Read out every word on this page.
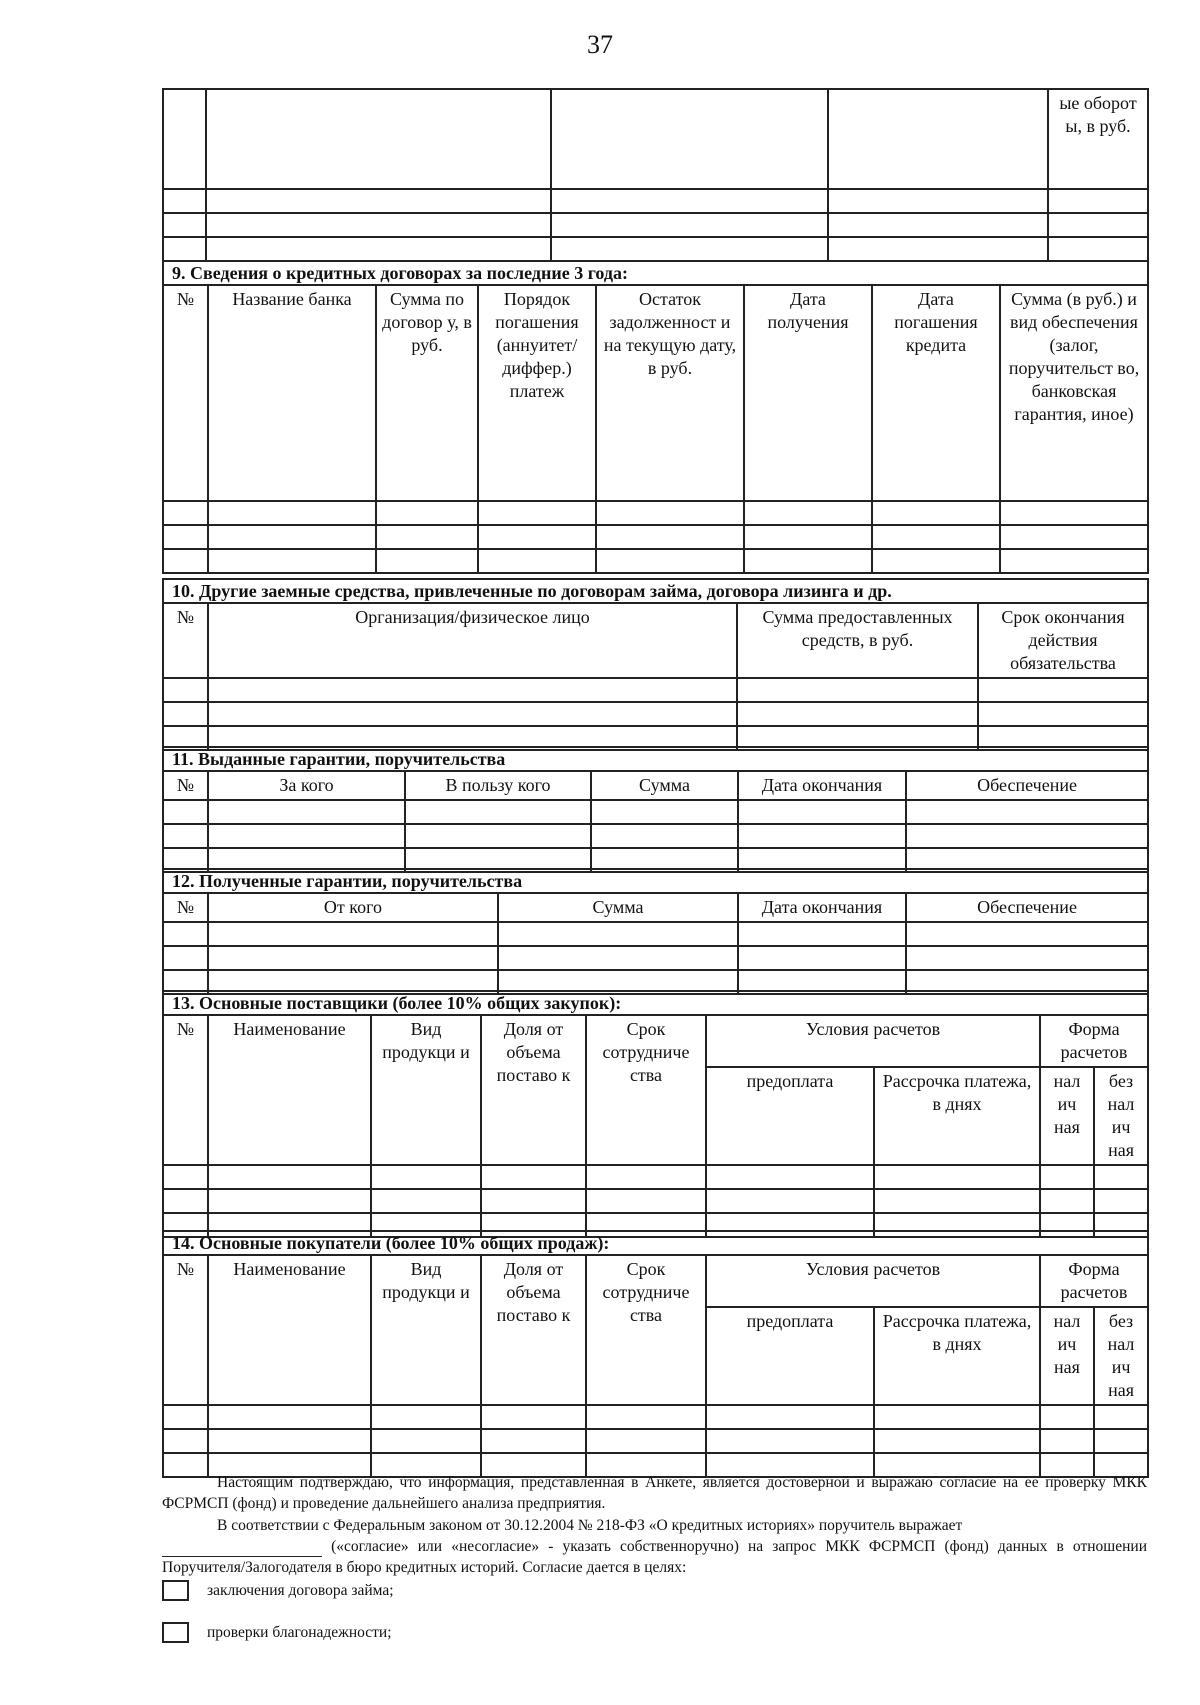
37
				ые оборот ы, в руб.

9. Сведения о кредитных договорах за последние 3 года:							
№	Название банка	Сумма по договор у, в руб.	Порядок погашения (аннуитет/ диффер.) платеж	Остаток задолженност и на текущую дату, в руб.	Дата получения	Дата погашения кредита	Сумма (в руб.) и вид обеспечения (залог, поручительст во, банковская гарантия, иное)

10. Другие заемные средства, привлеченные по договорам займа, договора лизинга и др.			
№	Организация/физическое лицо	Сумма предоставленных средств, в руб.	Срок окончания действия обязательства

11. Выданные гарантии, поручительства					
№	За кого	В пользу кого	Сумма	Дата окончания	Обеспечение

12. Полученные гарантии, поручительства				
№	От кого	Сумма	Дата окончания	Обеспечение

13. Основные поставщики (более 10% общих закупок):								
№	Наименование	Вид продукци и	Доля от объема поставо к	Срок сотрудниче ства	Условия расчетов		Форма расчетов	
					предоплата	Рассрочка платежа, в днях	нал ич ная	без нал ич ная

14. Основные покупатели (более 10% общих продаж):								
№	Наименование	Вид продукци и	Доля от объема поставо к	Срок сотрудниче ства	Условия расчетов		Форма расчетов	
					предоплата	Рассрочка платежа, в днях	нал ич ная	без нал ич ная

Настоящим подтверждаю, что информация, представленная в Анкете, является достоверной и выражаю согласие на ее проверку МКК ФСРМСП (фонд) и проведение дальнейшего анализа предприятия.
В соответствии с Федеральным законом от 30.12.2004 № 218-ФЗ «О кредитных историях» поручитель выражает
(«согласие» или «несогласие» - указать собственноручно) на запрос МКК ФСРМСП (фонд) данных в отношении Поручителя/Залогодателя в бюро кредитных историй. Согласие дается в целях:
заключения договора займа;
проверки благонадежности;
